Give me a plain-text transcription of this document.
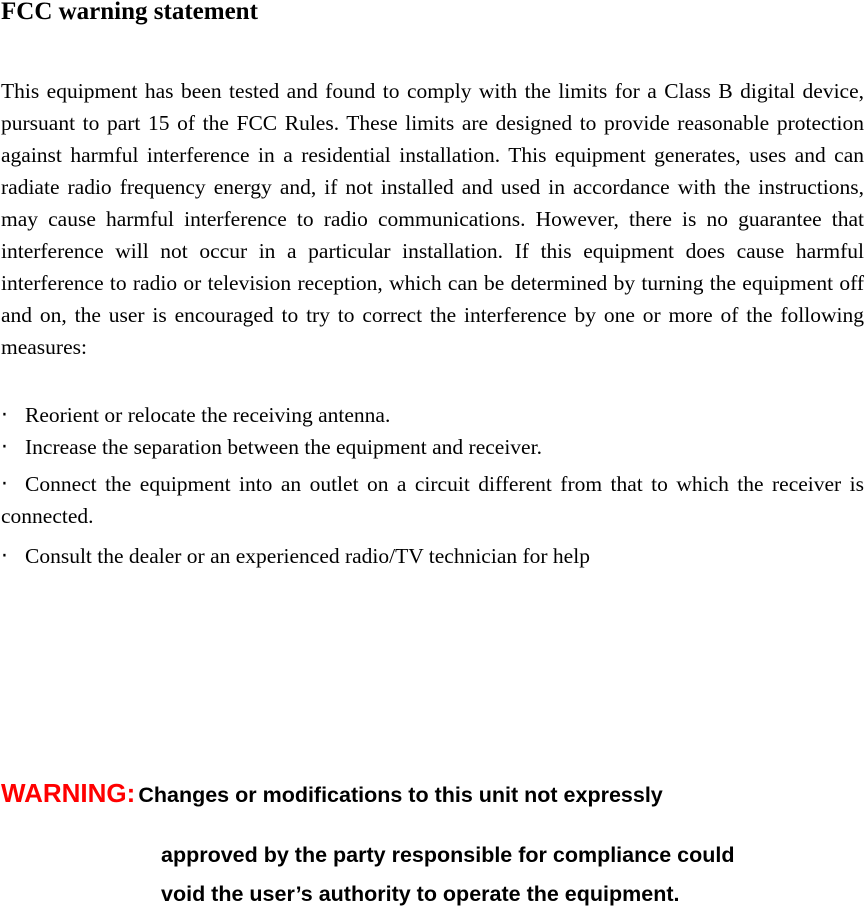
FCC warning statement

This equipment has been tested and found to comply with the limits for a Class B digital device, pursuant to part 15 of the FCC Rules. These limits are designed to provide reasonable protection against harmful interference in a residential installation. This equipment generates, uses and can radiate radio frequency energy and, if not installed and used in accordance with the instructions, may cause harmful interference to radio communications. However, there is no guarantee that interference will not occur in a particular installation. If this equipment does cause harmful interference to radio or television reception, which can be determined by turning the equipment off and on, the user is encouraged to try to correct the interference by one or more of the following measures:

‧ Reorient or relocate the receiving antenna.

‧ Increase the separation between the equipment and receiver.

‧ Connect the equipment into an outlet on a circuit different from that to which the receiver is connected.

‧ Consult the dealer or an experienced radio/TV technician for help

WARNING: Changes or modifications to this unit not expressly

approved by the party responsible for compliance could

void the user’s authority to operate the equipment.
